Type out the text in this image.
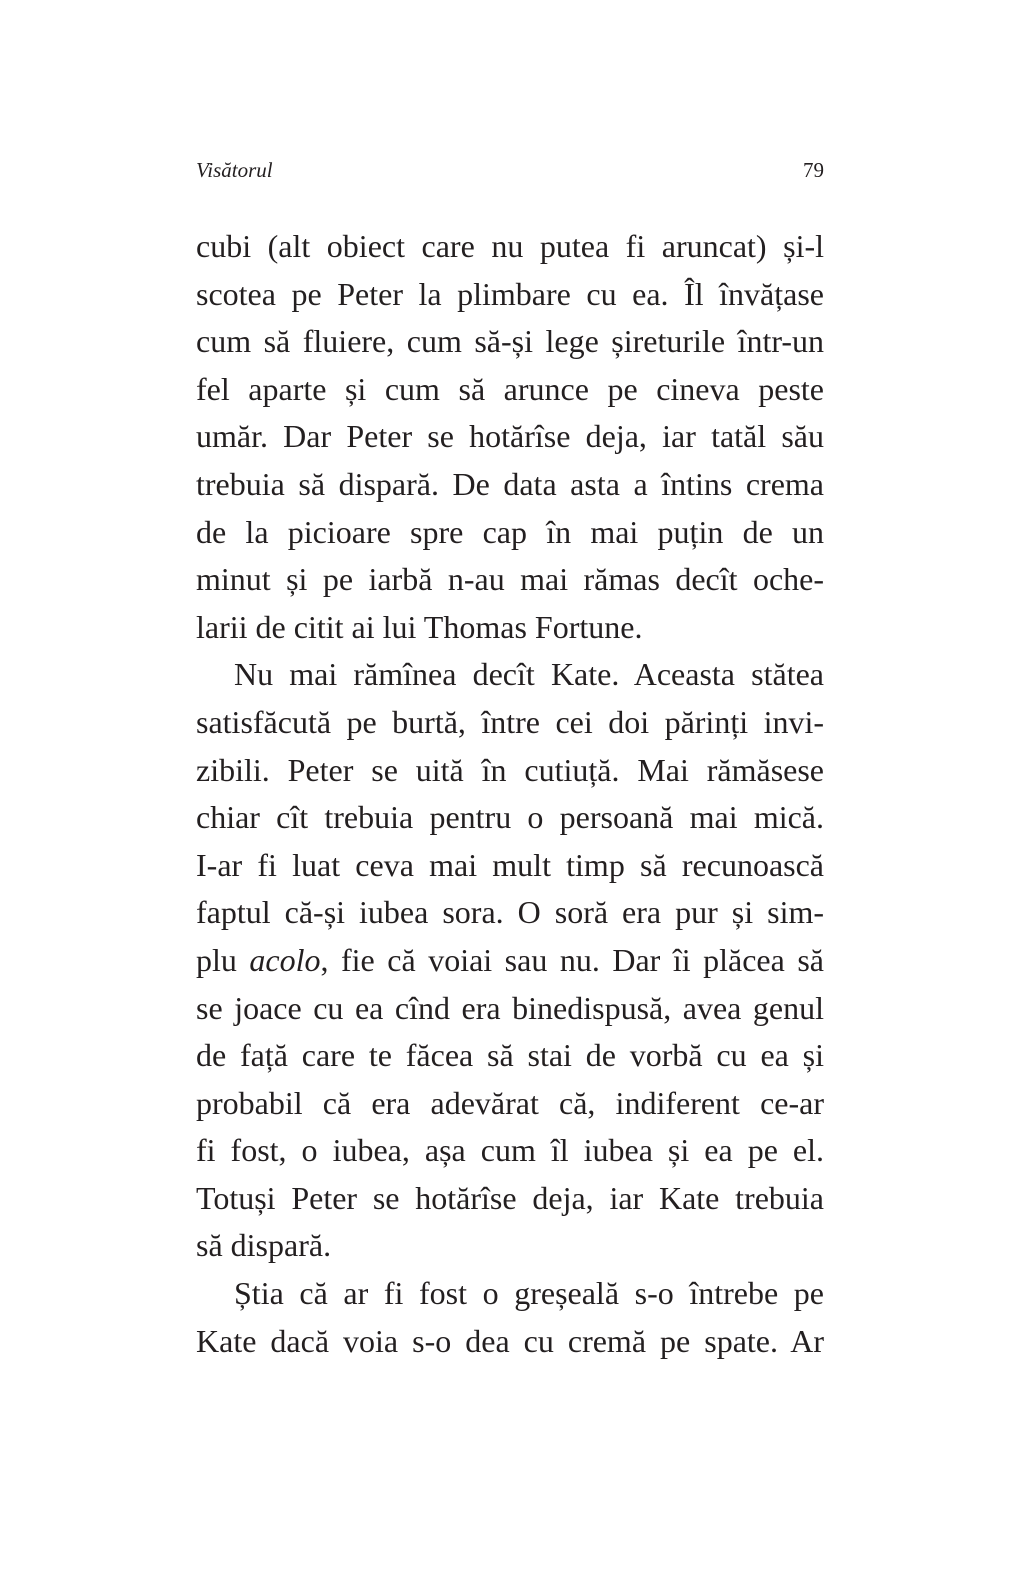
Visătorul	79
cubi (alt obiect care nu putea fi aruncat) și-l
scotea pe Peter la plimbare cu ea. Îl învățase
cum să fluiere, cum să-și lege șireturile într-un
fel aparte și cum să arunce pe cineva peste
umăr. Dar Peter se hotărîse deja, iar tatăl său
trebuia să dispară. De data asta a întins crema
de la picioare spre cap în mai puțin de un
minut și pe iarbă n-au mai rămas decît oche-
larii de citit ai lui Thomas Fortune.
Nu mai rămînea decît Kate. Aceasta stătea
satisfăcută pe burtă, între cei doi părinți invi-
zibili. Peter se uită în cutiuță. Mai rămăsese
chiar cît trebuia pentru o persoană mai mică.
I-ar fi luat ceva mai mult timp să recunoască
faptul că-și iubea sora. O soră era pur și sim-
plu acolo, fie că voiai sau nu. Dar îi plăcea să
se joace cu ea cînd era binedispusă, avea genul
de față care te făcea să stai de vorbă cu ea și
probabil că era adevărat că, indiferent ce-ar
fi fost, o iubea, așa cum îl iubea și ea pe el.
Totuși Peter se hotărîse deja, iar Kate trebuia
să dispară.
Știa că ar fi fost o greșeală s-o întrebe pe
Kate dacă voia s-o dea cu cremă pe spate. Ar
